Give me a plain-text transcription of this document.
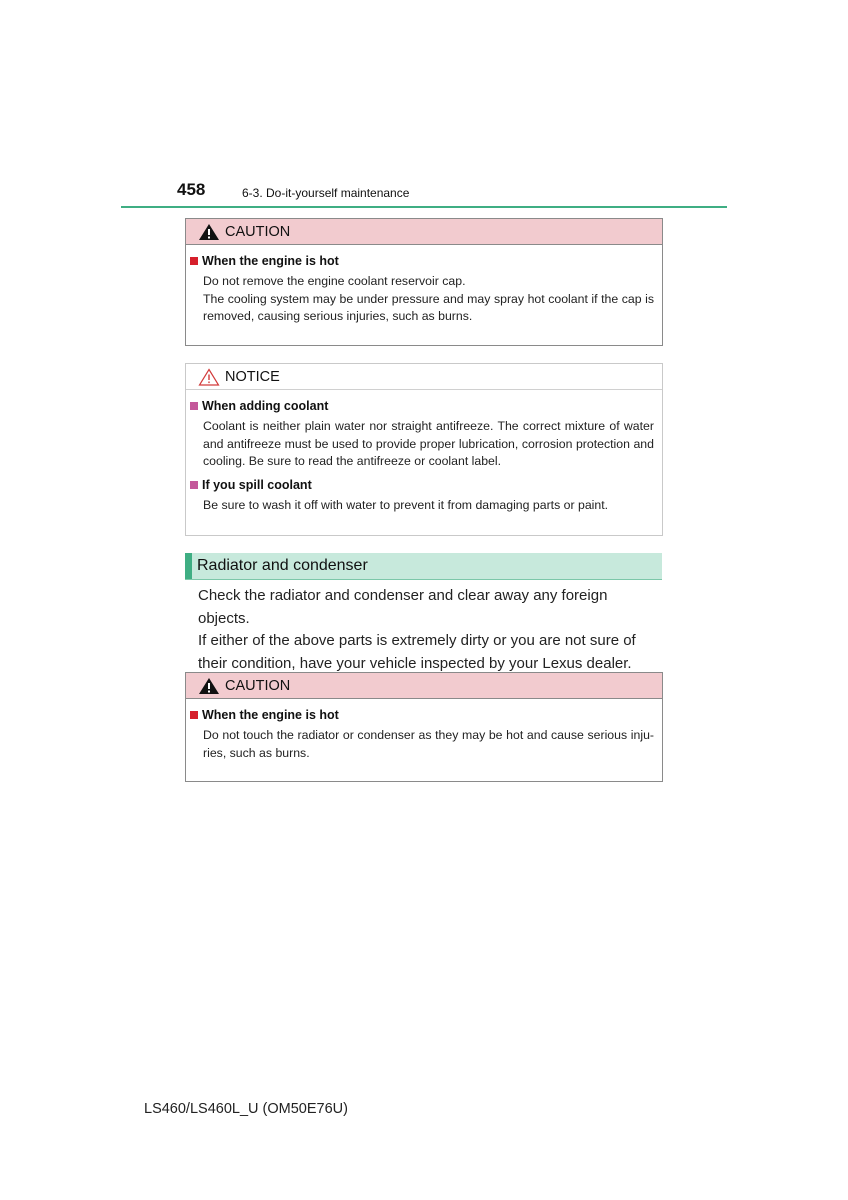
458	6-3. Do-it-yourself maintenance
CAUTION
When the engine is hot

Do not remove the engine coolant reservoir cap.

The cooling system may be under pressure and may spray hot coolant if the cap is removed, causing serious injuries, such as burns.

NOTICE
When adding coolant

Coolant is neither plain water nor straight antifreeze. The correct mixture of water and antifreeze must be used to provide proper lubrication, corrosion protection and cooling. Be sure to read the antifreeze or coolant label.

If you spill coolant

Be sure to wash it off with water to prevent it from damaging parts or paint.

Radiator and condenser

Check the radiator and condenser and clear away any foreign objects.

If either of the above parts is extremely dirty or you are not sure of their condition, have your vehicle inspected by your Lexus dealer.

CAUTION
When the engine is hot

Do not touch the radiator or condenser as they may be hot and cause serious inju-ries, such as burns.

LS460/LS460L_U (OM50E76U)
